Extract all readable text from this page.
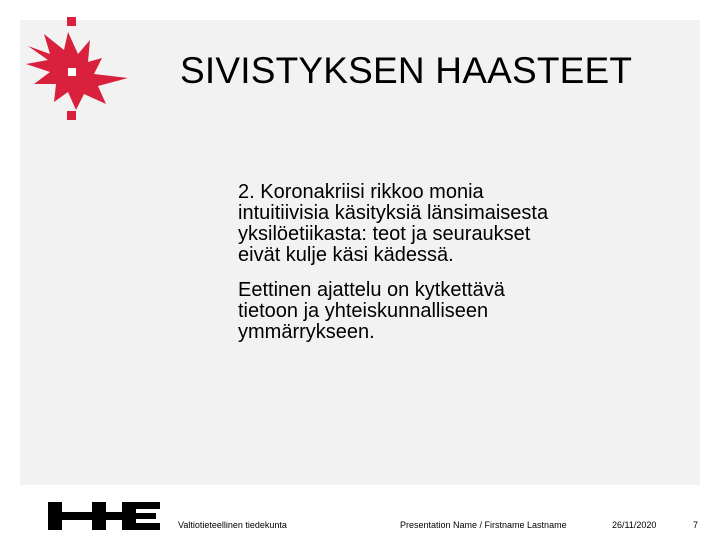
SIVISTYKSEN HAASTEET

2. Koronakriisi rikkoo monia intuitiivisia käsityksiä länsimaisesta yksilöetiikasta: teot ja seuraukset eivät kulje käsi kädessä.

Eettinen ajattelu on kytkettävä tietoon ja yhteiskunnalliseen ymmärrykseen.

Valtiotieteellinen tiedekunta	Presentation Name / Firstname Lastname	26/11/2020	7
